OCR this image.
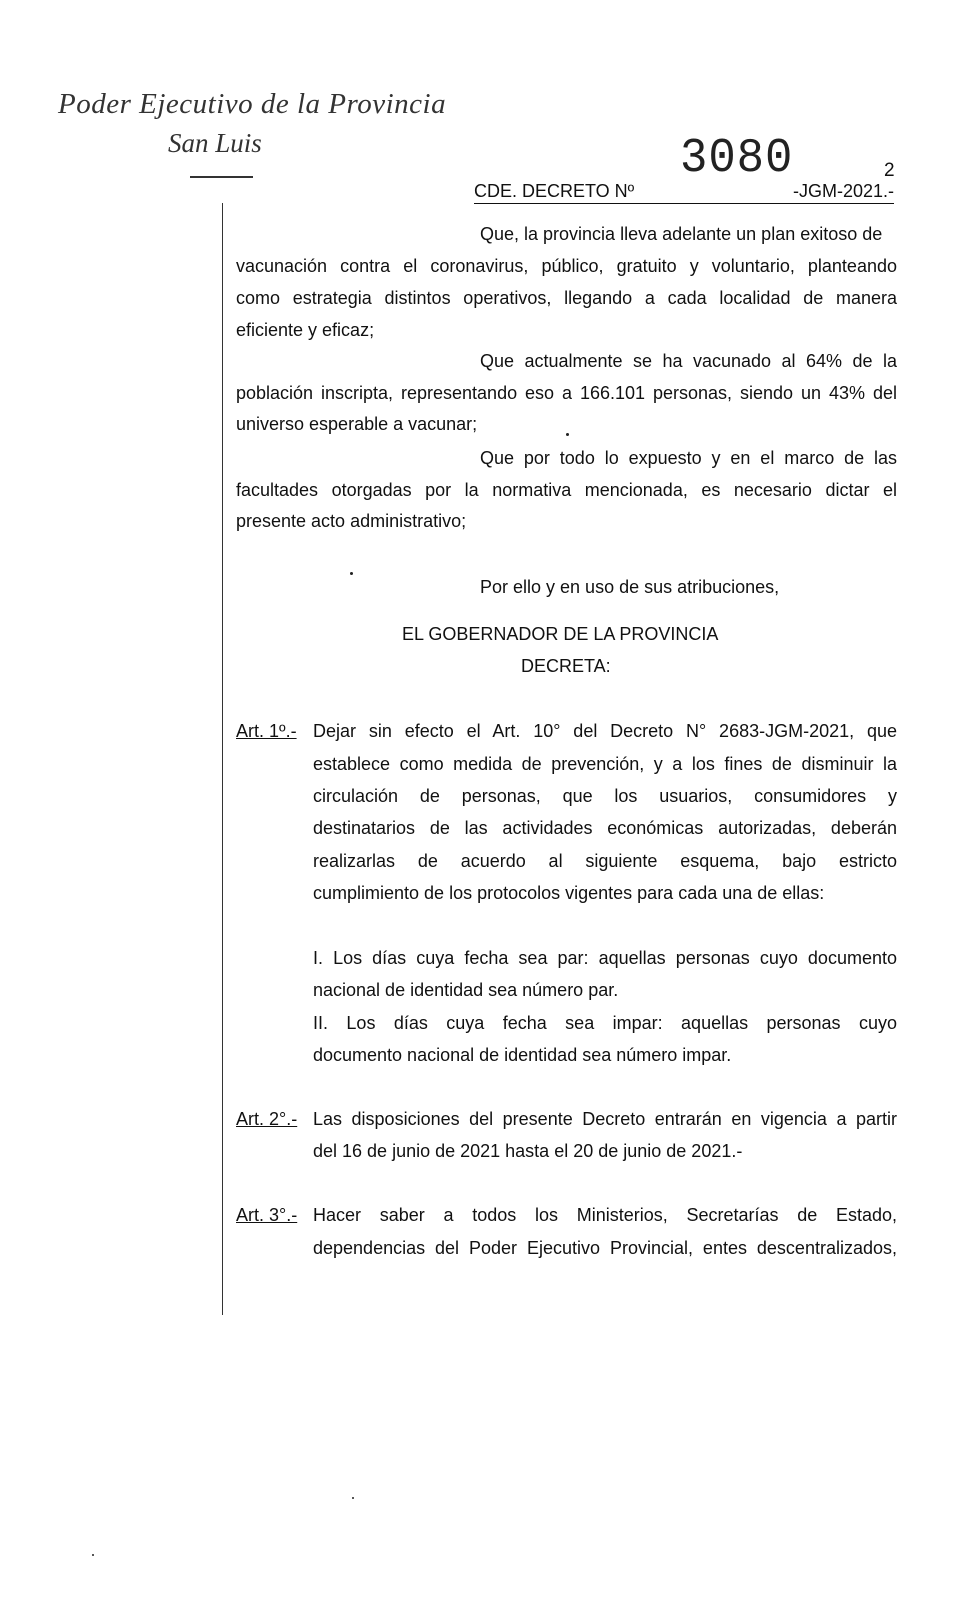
Poder Ejecutivo de la Provincia
San Luis	3080	2
CDE. DECRETO Nº	-JGM-2021.-
Que, la provincia lleva adelante un plan exitoso de
vacunación contra el coronavirus, público, gratuito y voluntario, planteando
como estrategia distintos operativos, llegando a cada localidad de manera
eficiente y eficaz;
Que actualmente se ha vacunado al 64% de la
población inscripta, representando eso a 166.101 personas, siendo un 43% del
universo esperable a vacunar;
Que por todo lo expuesto y en el marco de las
facultades otorgadas por la normativa mencionada, es necesario dictar el
presente acto administrativo;
Por ello y en uso de sus atribuciones,
EL GOBERNADOR DE LA PROVINCIA
DECRETA:
Art. 1º.- Dejar sin efecto el Art. 10° del Decreto N° 2683-JGM-2021, que
establece como medida de prevención, y a los fines de disminuir la
circulación de personas, que los usuarios, consumidores y
destinatarios de las actividades económicas autorizadas, deberán
realizarlas de acuerdo al siguiente esquema, bajo estricto
cumplimiento de los protocolos vigentes para cada una de ellas:
I. Los días cuya fecha sea par: aquellas personas cuyo documento
nacional de identidad sea número par.
II. Los días cuya fecha sea impar: aquellas personas cuyo
documento nacional de identidad sea número impar.
Art. 2°.- Las disposiciones del presente Decreto entrarán en vigencia a partir
del 16 de junio de 2021 hasta el 20 de junio de 2021.-
Art. 3°.- Hacer saber a todos los Ministerios, Secretarías de Estado,
dependencias del Poder Ejecutivo Provincial, entes descentralizados,
